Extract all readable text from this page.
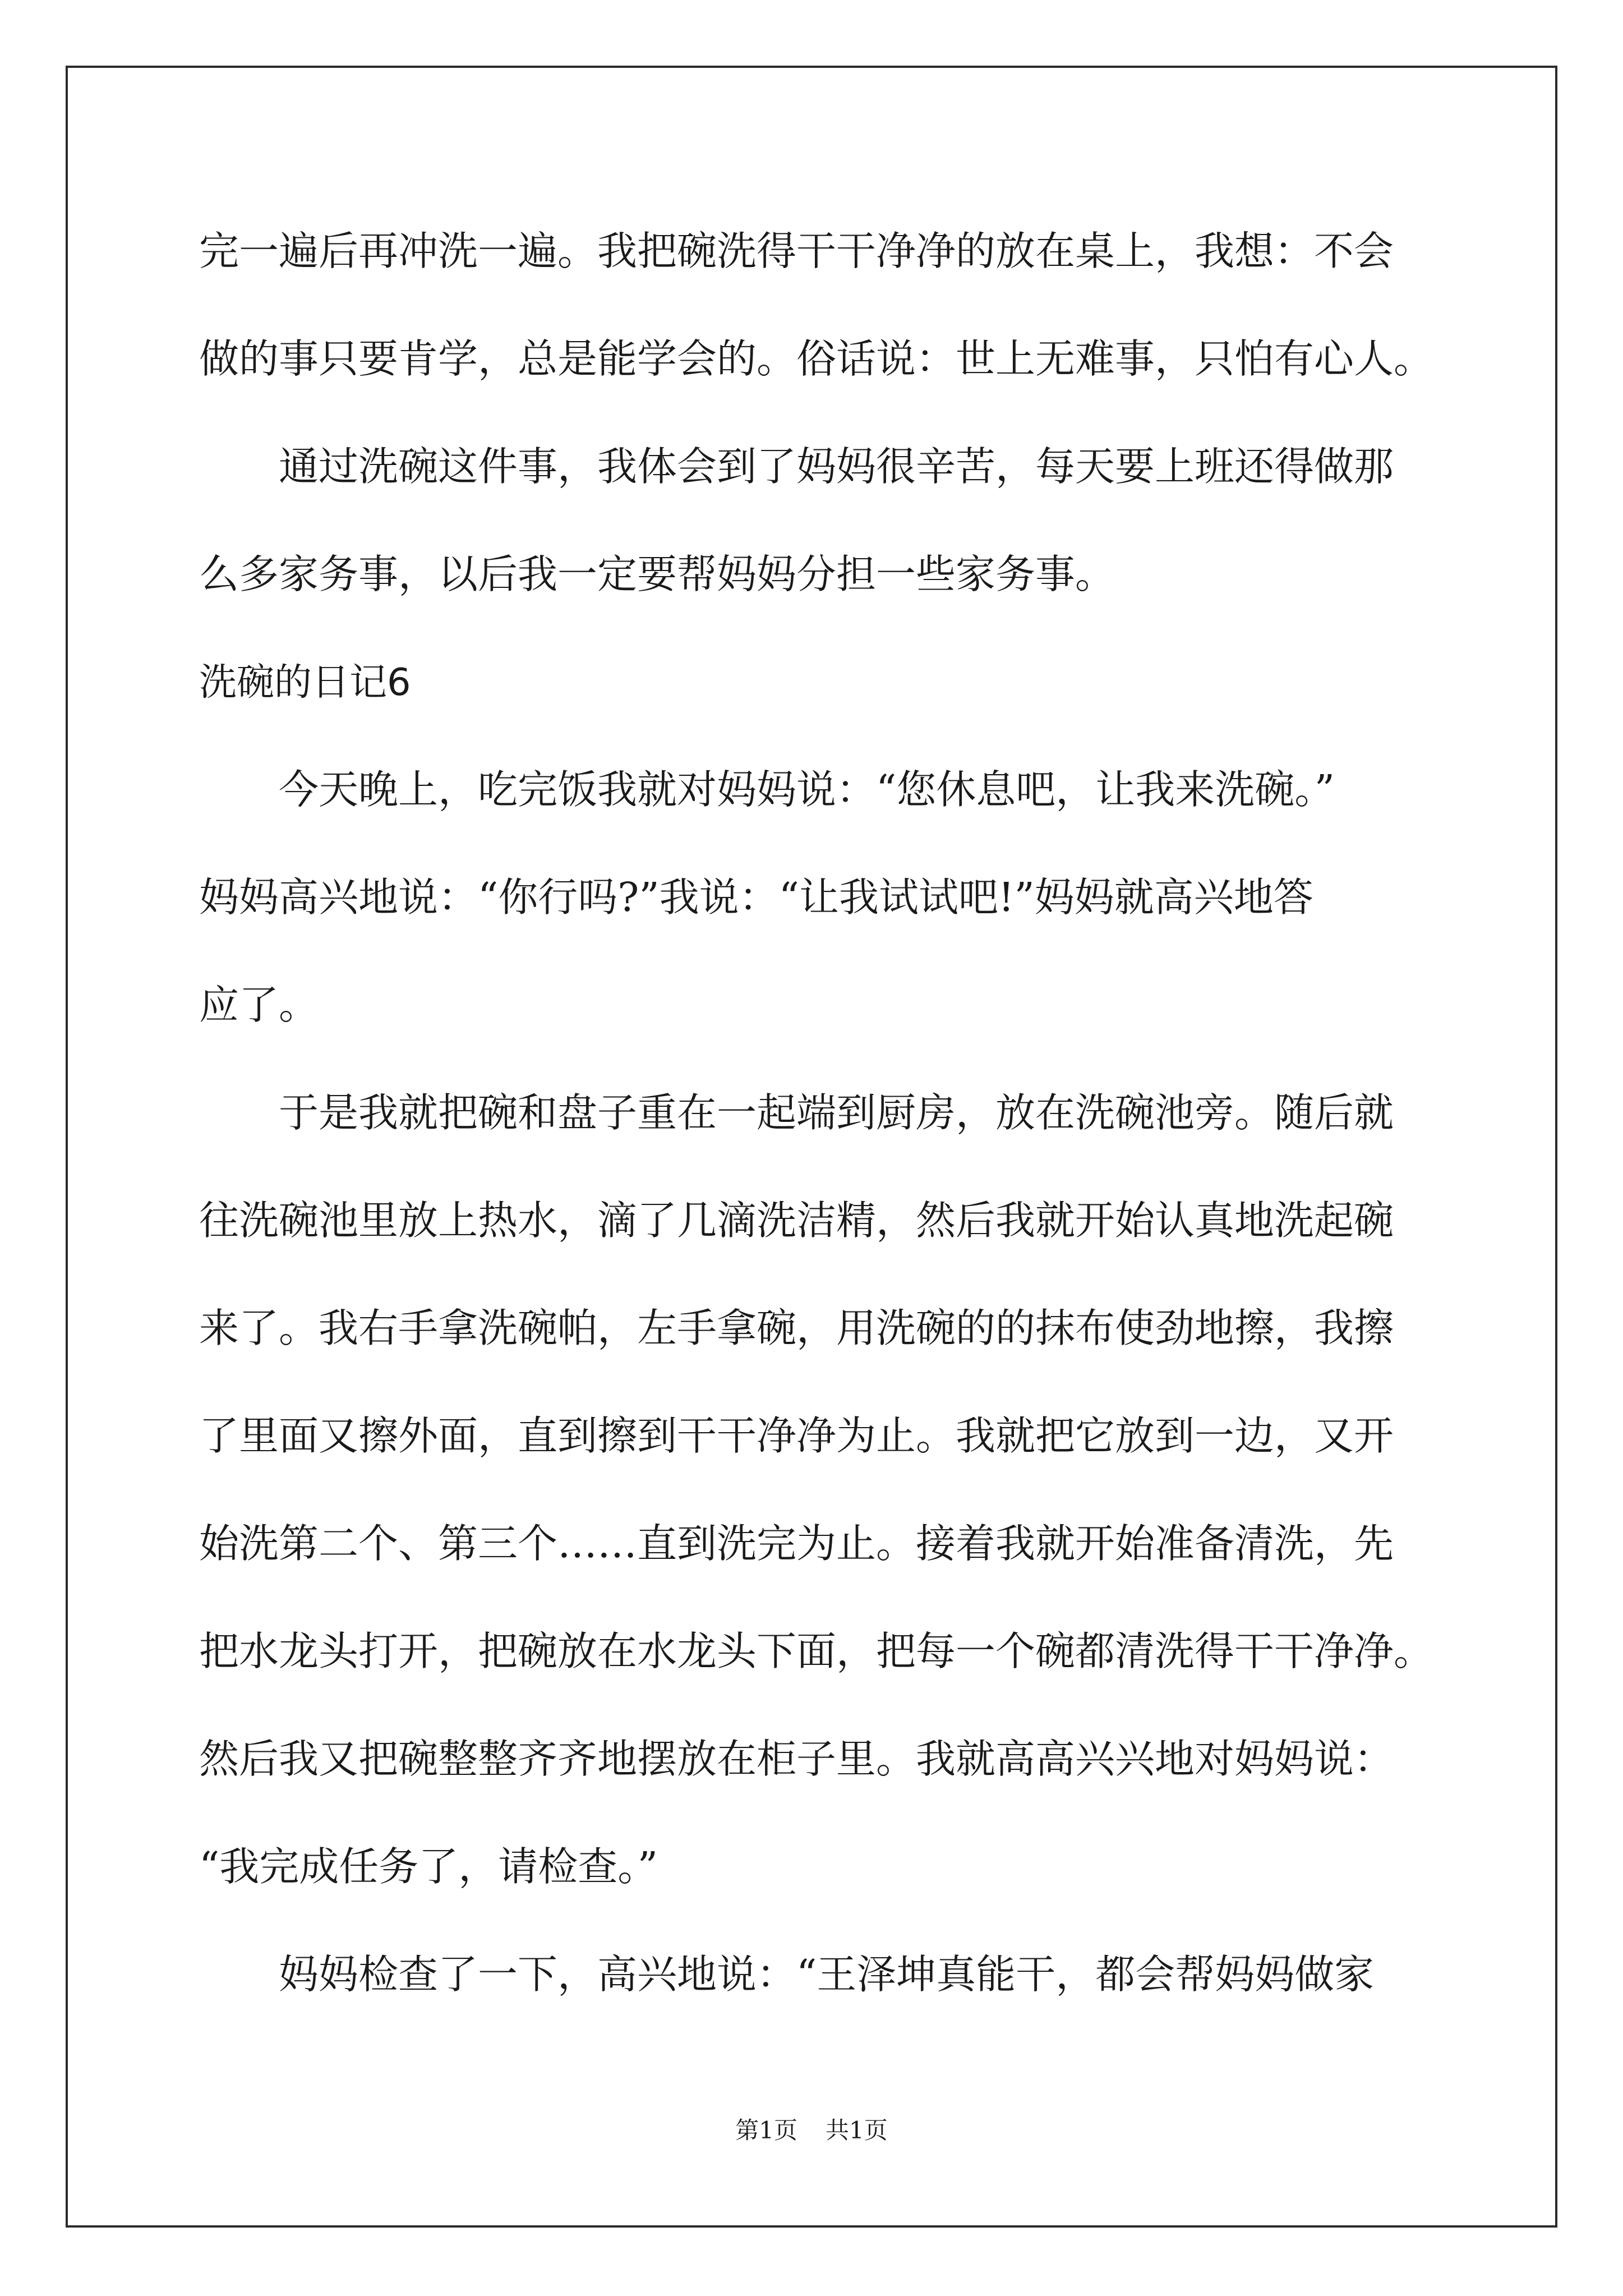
完一遍后再冲洗一遍。我把碗洗得干干净净的放在桌上，我想：不会
做的事只要肯学，总是能学会的。俗话说：世上无难事，只怕有心人。
通过洗碗这件事，我体会到了妈妈很辛苦，每天要上班还得做那
么多家务事，以后我一定要帮妈妈分担一些家务事。
洗碗的日记6
今天晚上，吃完饭我就对妈妈说：“您休息吧，让我来洗碗。”
妈妈高兴地说：“你行吗?”我说：“让我试试吧!”妈妈就高兴地答
应了。
于是我就把碗和盘子重在一起端到厨房，放在洗碗池旁。随后就
往洗碗池里放上热水，滴了几滴洗洁精，然后我就开始认真地洗起碗
来了。我右手拿洗碗帕，左手拿碗，用洗碗的的抹布使劲地擦，我擦
了里面又擦外面，直到擦到干干净净为止。我就把它放到一边，又开
始洗第二个、第三个……直到洗完为止。接着我就开始准备清洗，先
把水龙头打开，把碗放在水龙头下面，把每一个碗都清洗得干干净净。
然后我又把碗整整齐齐地摆放在柜子里。我就高高兴兴地对妈妈说：
“我完成任务了，请检查。”
妈妈检查了一下，高兴地说：“王泽坤真能干，都会帮妈妈做家
第1页 共1页
